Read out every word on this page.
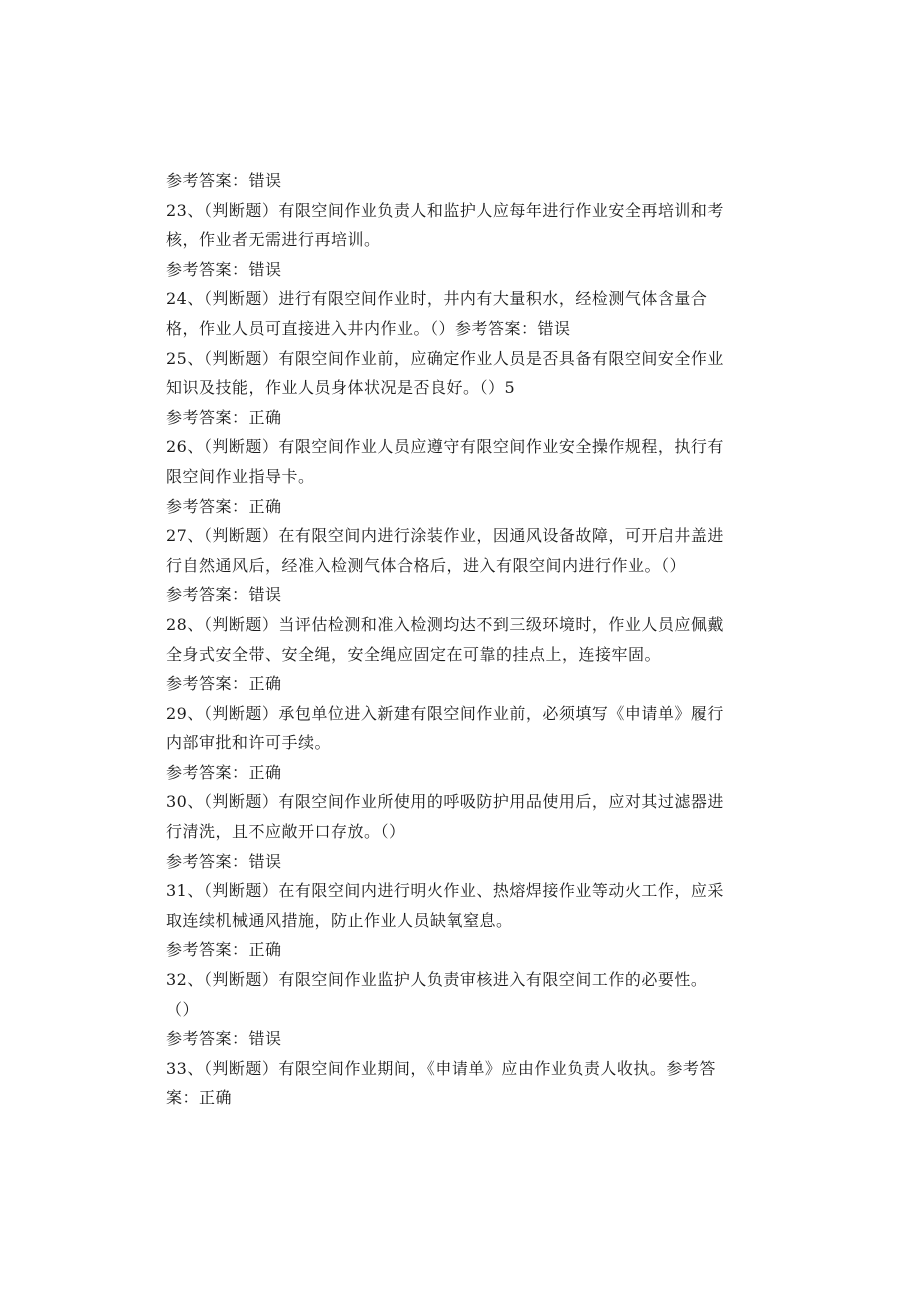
参考答案：错误
23、（判断题）有限空间作业负责人和监护人应每年进行作业安全再培训和考
核，作业者无需进行再培训。
参考答案：错误
24、（判断题）进行有限空间作业时，井内有大量积水，经检测气体含量合
格，作业人员可直接进入井内作业。（）参考答案：错误
25、（判断题）有限空间作业前，应确定作业人员是否具备有限空间安全作业
知识及技能，作业人员身体状况是否良好。（）5
参考答案：正确
26、（判断题）有限空间作业人员应遵守有限空间作业安全操作规程，执行有
限空间作业指导卡。
参考答案：正确
27、（判断题）在有限空间内进行涂装作业，因通风设备故障，可开启井盖进
行自然通风后，经准入检测气体合格后，进入有限空间内进行作业。（）
参考答案：错误
28、（判断题）当评估检测和准入检测均达不到三级环境时，作业人员应佩戴
全身式安全带、安全绳，安全绳应固定在可靠的挂点上，连接牢固。
参考答案：正确
29、（判断题）承包单位进入新建有限空间作业前，必须填写《申请单》履行
内部审批和许可手续。
参考答案：正确
30、（判断题）有限空间作业所使用的呼吸防护用品使用后，应对其过滤器进
行清洗，且不应敞开口存放。（）
参考答案：错误
31、（判断题）在有限空间内进行明火作业、热熔焊接作业等动火工作，应采
取连续机械通风措施，防止作业人员缺氧窒息。
参考答案：正确
32、（判断题）有限空间作业监护人负责审核进入有限空间工作的必要性。
（）
参考答案：错误
33、（判断题）有限空间作业期间，《申请单》应由作业负责人收执。参考答
案：正确
